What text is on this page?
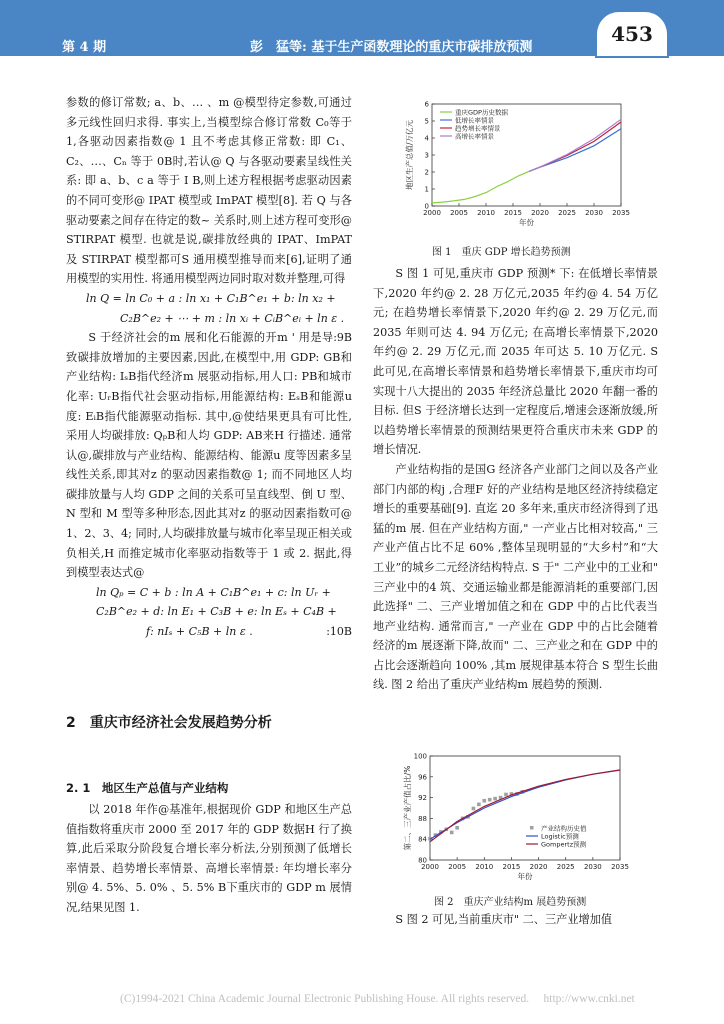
第 4 期	彭　猛等: 基于生产函数理论的重庆市碳排放预测
453

参数的修订常数; a、b、… 、m @模型待定参数,可通过多元线性回归求得. 事实上,当模型综合修订常数 C₀等于 1,各驱动因素指数@ 1 且不考虑其修正常数: 即 C₁、C₂、…、Cₙ 等于 0B时,若认@ Q 与各驱动要素呈线性关系: 即 a、b、c a 等于 I B,则上述方程根据考虑驱动因素的不同可变形@ IPAT 模型或 ImPAT 模型[8]. 若 Q 与各驱动要素之间存在待定的数~ 关系时,则上述方程可变形@ STIRPAT 模型. 也就是说,碳排放经典的 IPAT、ImPAT 及 STIRPAT 模型都可S 通用模型推导而来[6],证明了通用模型的实用性. 将通用模型两边同时取对数并整理,可得

ln Q = ln C₀ + a : ln x₁ + C₁B^e₁ + b: ln x₂ +

C₂B^e₂ + ⋯ + m : ln xᵢ + CᵢB^eᵢ + ln ε .
:9B

S 于经济社会的m 展和化石能源的开m ' 用是导致碳排放增加的主要因素,因此,在模型中,用 GDP: GB和产业结构: IₛB指代经济m 展驱动指标,用人口: PB和城市化率: UᵣB指代社会驱动指标,用能源结构: EₛB和能源u 度: EᵢB指代能源驱动指标. 其中,@使结果更具有可比性,采用人均碳排放: QₚB和人均 GDP: AB来H 行描述. 通常认@,碳排放与产业结构、能源结构、能源u 度等因素多呈线性关系,即其对z 的驱动因素指数@ 1; 而不同地区人均碳排放量与人均 GDP 之间的关系可呈直线型、倒 U 型、N 型和 M 型等多种形态,因此其对z 的驱动因素指数可@ 1、2、3、4; 同时,人均碳排放量与城市化率呈现正相关或负相关,H 而推定城市化率驱动指数等于 1 或 2. 据此,得到模型表达式@

ln Qₚ = C + b : ln A + C₁B^e₁ + c: ln Uᵣ +

C₂B^e₂ + d: ln E₁ + C₃B + e: ln Eₛ + C₄B +

f: nIₛ + C₅B + ln ε .	:10B

2　重庆市经济社会发展趋势分析
2. 1　地区生产总值与产业结构

以 2018 年作@基准年,根据现价 GDP 和地区生产总值指数将重庆市 2000 至 2017 年的 GDP 数据H 行了换算,此后采取分阶段复合增长率分析法,分别预测了低增长率情景、趋势增长率情景、高增长率情景: 年均增长率分别@ 4. 5%、5. 0% 、5. 5% B下重庆市的 GDP m 展情况,结果见图 1.

2000 2005 2010 2015 2020 2025 2030 2035
0
1
2
3
4
5
6
年份
地区生产总值/万亿元
重庆GDP历史数据
低增长率情景
趋势增长率情景
高增长率情景
图 1　重庆 GDP 增长趋势预测

S 图 1 可见,重庆市 GDP 预测* 下: 在低增长率情景下,2020 年约@ 2. 28 万亿元,2035 年约@ 4. 54 万亿元; 在趋势增长率情景下,2020 年约@ 2. 29 万亿元,而 2035 年则可达 4. 94 万亿元; 在高增长率情景下,2020 年约@ 2. 29 万亿元,而 2035 年可达 5. 10 万亿元. S 此可见,在高增长率情景和趋势增长率情景下,重庆市均可实现十八大提出的 2035 年经济总量比 2020 年翻一番的目标. 但S 于经济增长达到一定程度后,增速会逐渐放缓,所以趋势增长率情景的预测结果更符合重庆市未来 GDP 的增长情况.

产业结构指的是国G 经济各产业部门之间以及各产业部门内部的构j ,合理F 好的产业结构是地区经济持续稳定增长的重要基础[9]. 直迄 20 多年来,重庆市经济得到了迅猛的m 展. 但在产业结构方面," 一产业占比相对较高," 三产业产值占比不足 60% ,整体呈现明显的“大乡村”和“大工业”的城乡二元经济结构特点. S 于" 二产业中的工业和" 三产业中的4 筑、交通运输业都是能源消耗的重要部门,因此选择" 二、三产业增加值之和在 GDP 中的占比代表当地产业结构. 通常而言," 一产业在 GDP 中的占比会随着经济的m 展逐渐下降,故而" 二、三产业之和在 GDP 中的占比会逐渐趋向 100% ,其m 展规律基本符合 S 型生长曲线. 图 2 给出了重庆产业结构m 展趋势的预测.

2000 2005 2010 2015 2020 2025 2030 2035
80
84
88
92
96
100
年份
第二、三产业产值占比/%	产业结构历史值
Logistic预测
Gompertz预测
图 2　重庆产业结构m 展趋势预测

S 图 2 可见,当前重庆市" 二、三产业增加值

(C)1994-2021 China Academic Journal Electronic Publishing House. All rights reserved.　 http://www.cnki.net
